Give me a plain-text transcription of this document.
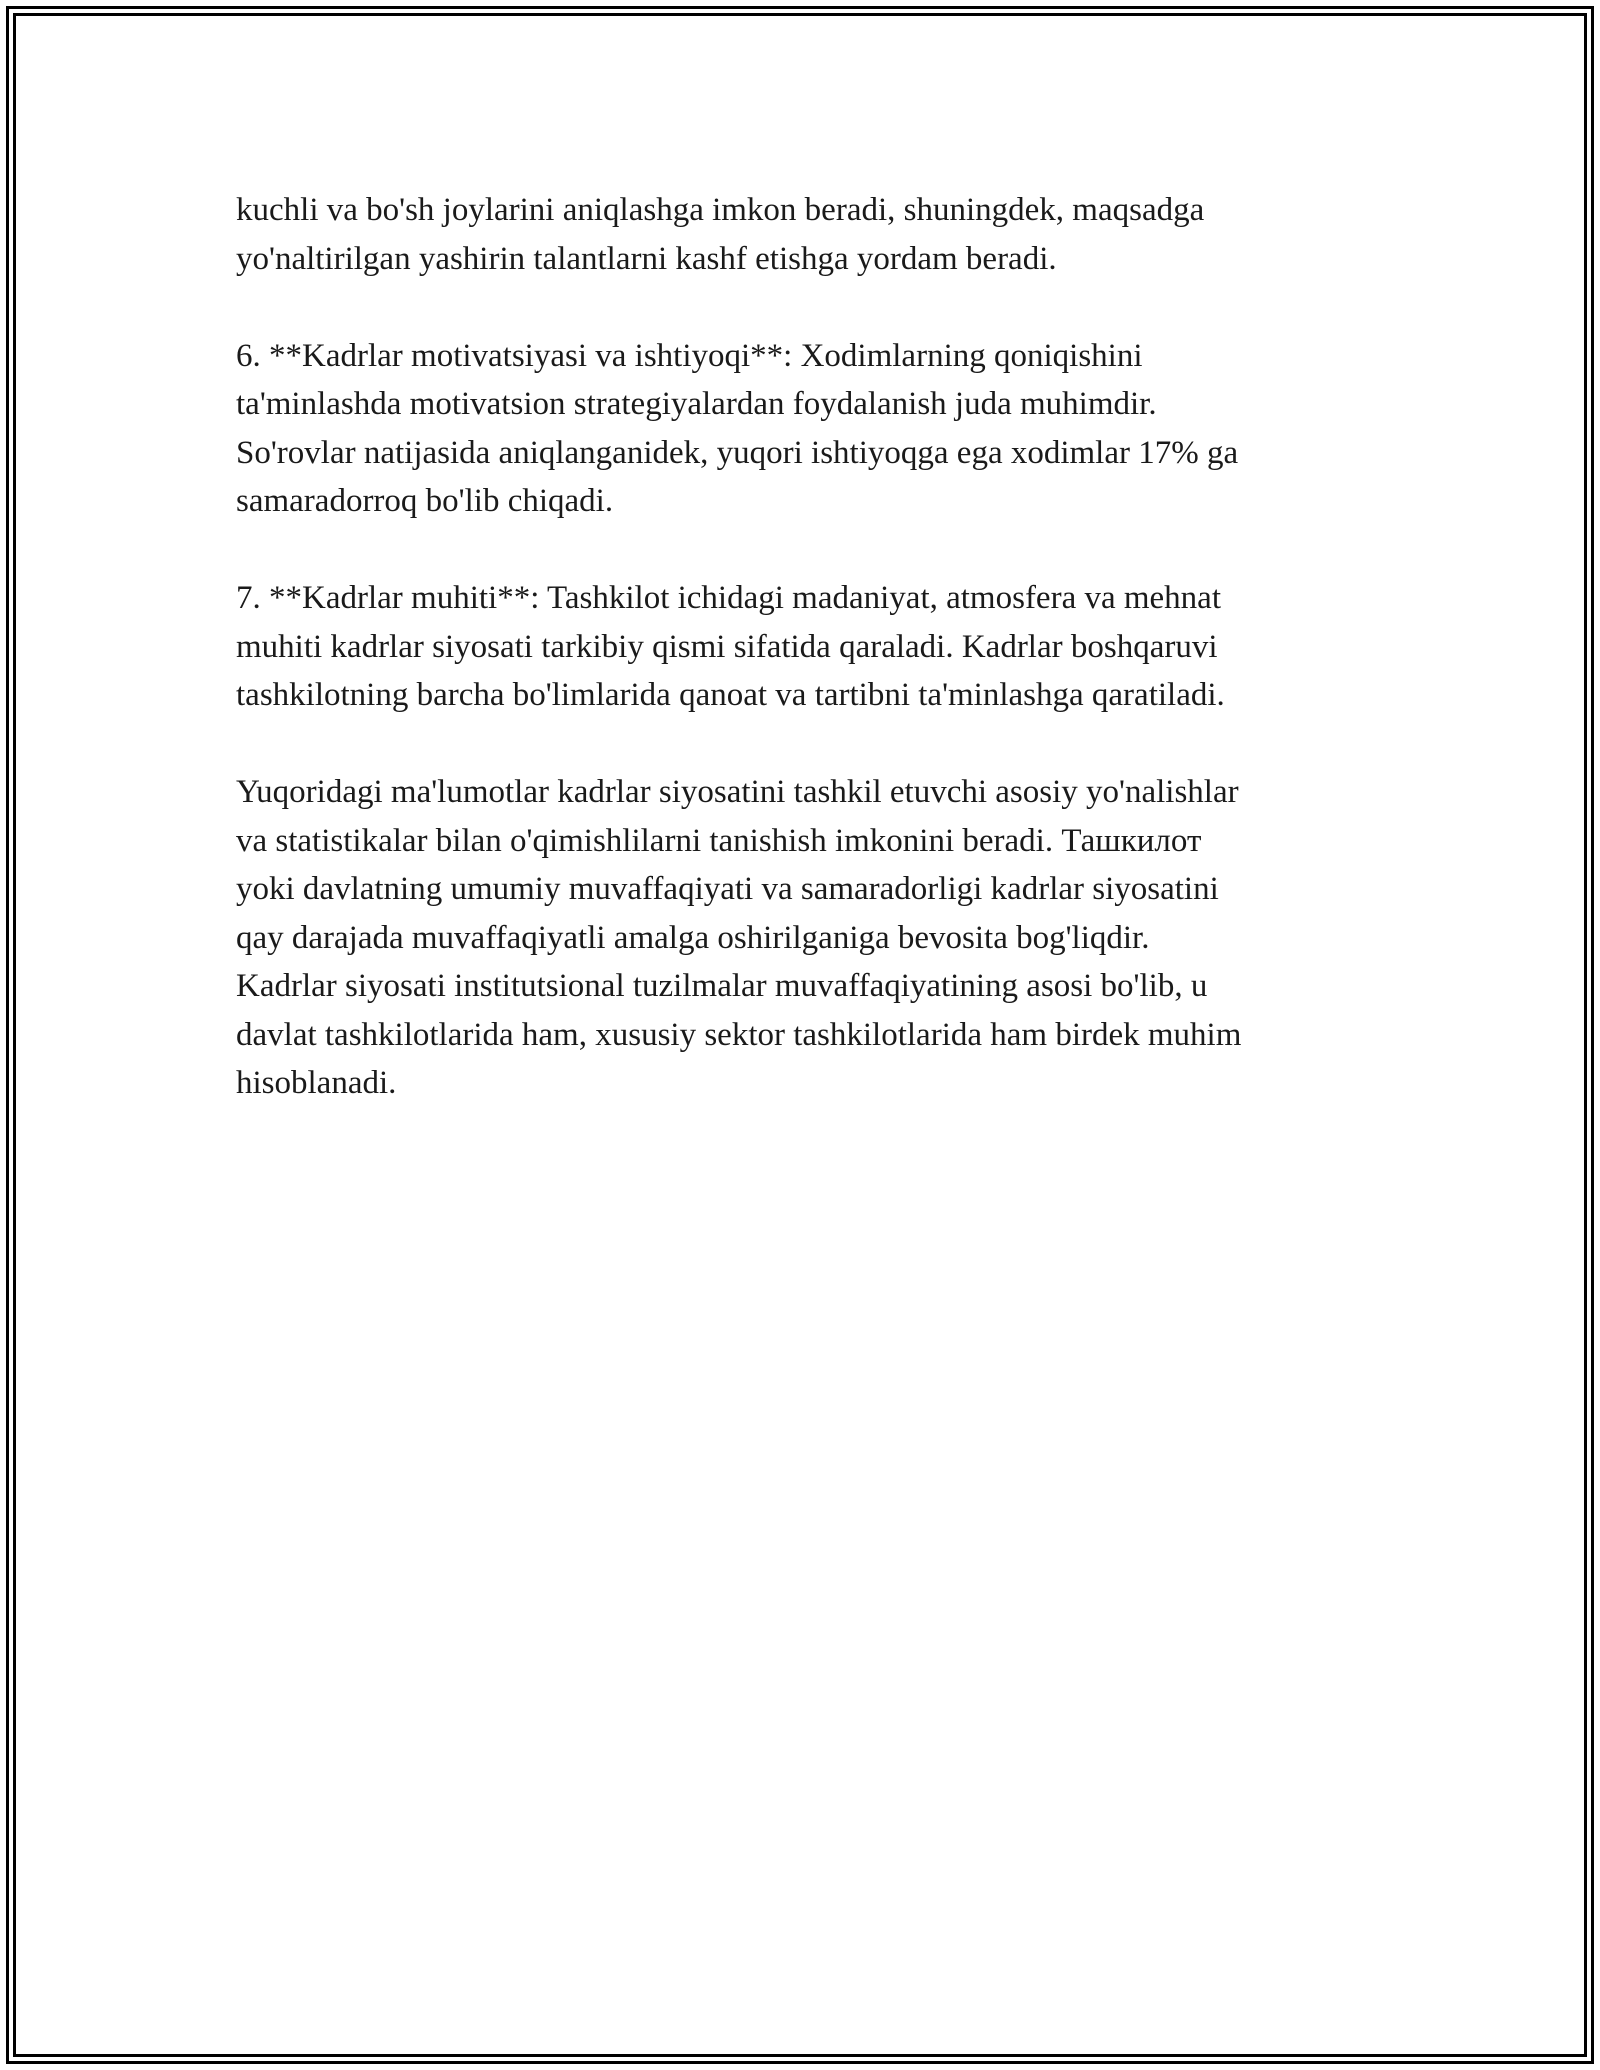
kuchli va bo'sh joylarini aniqlashga imkon beradi, shuningdek, maqsadga
yo'naltirilgan yashirin talantlarni kashf etishga yordam beradi.

6. **Kadrlar motivatsiyasi va ishtiyoqi**: Xodimlarning qoniqishini
ta'minlashda motivatsion strategiyalardan foydalanish juda muhimdir.
So'rovlar natijasida aniqlanganidek, yuqori ishtiyoqga ega xodimlar 17% ga
samaradorroq bo'lib chiqadi.

7. **Kadrlar muhiti**: Tashkilot ichidagi madaniyat, atmosfera va mehnat
muhiti kadrlar siyosati tarkibiy qismi sifatida qaraladi. Kadrlar boshqaruvi
tashkilotning barcha bo'limlarida qanoat va tartibni ta'minlashga qaratiladi.

Yuqoridagi ma'lumotlar kadrlar siyosatini tashkil etuvchi asosiy yo'nalishlar
va statistikalar bilan o'qimishlilarni tanishish imkonini beradi. Ташкилот
yoki davlatning umumiy muvaffaqiyati va samaradorligi kadrlar siyosatini
qay darajada muvaffaqiyatli amalga oshirilganiga bevosita bog'liqdir.
Kadrlar siyosati institutsional tuzilmalar muvaffaqiyatining asosi bo'lib, u
davlat tashkilotlarida ham, xususiy sektor tashkilotlarida ham birdek muhim
hisoblanadi.
